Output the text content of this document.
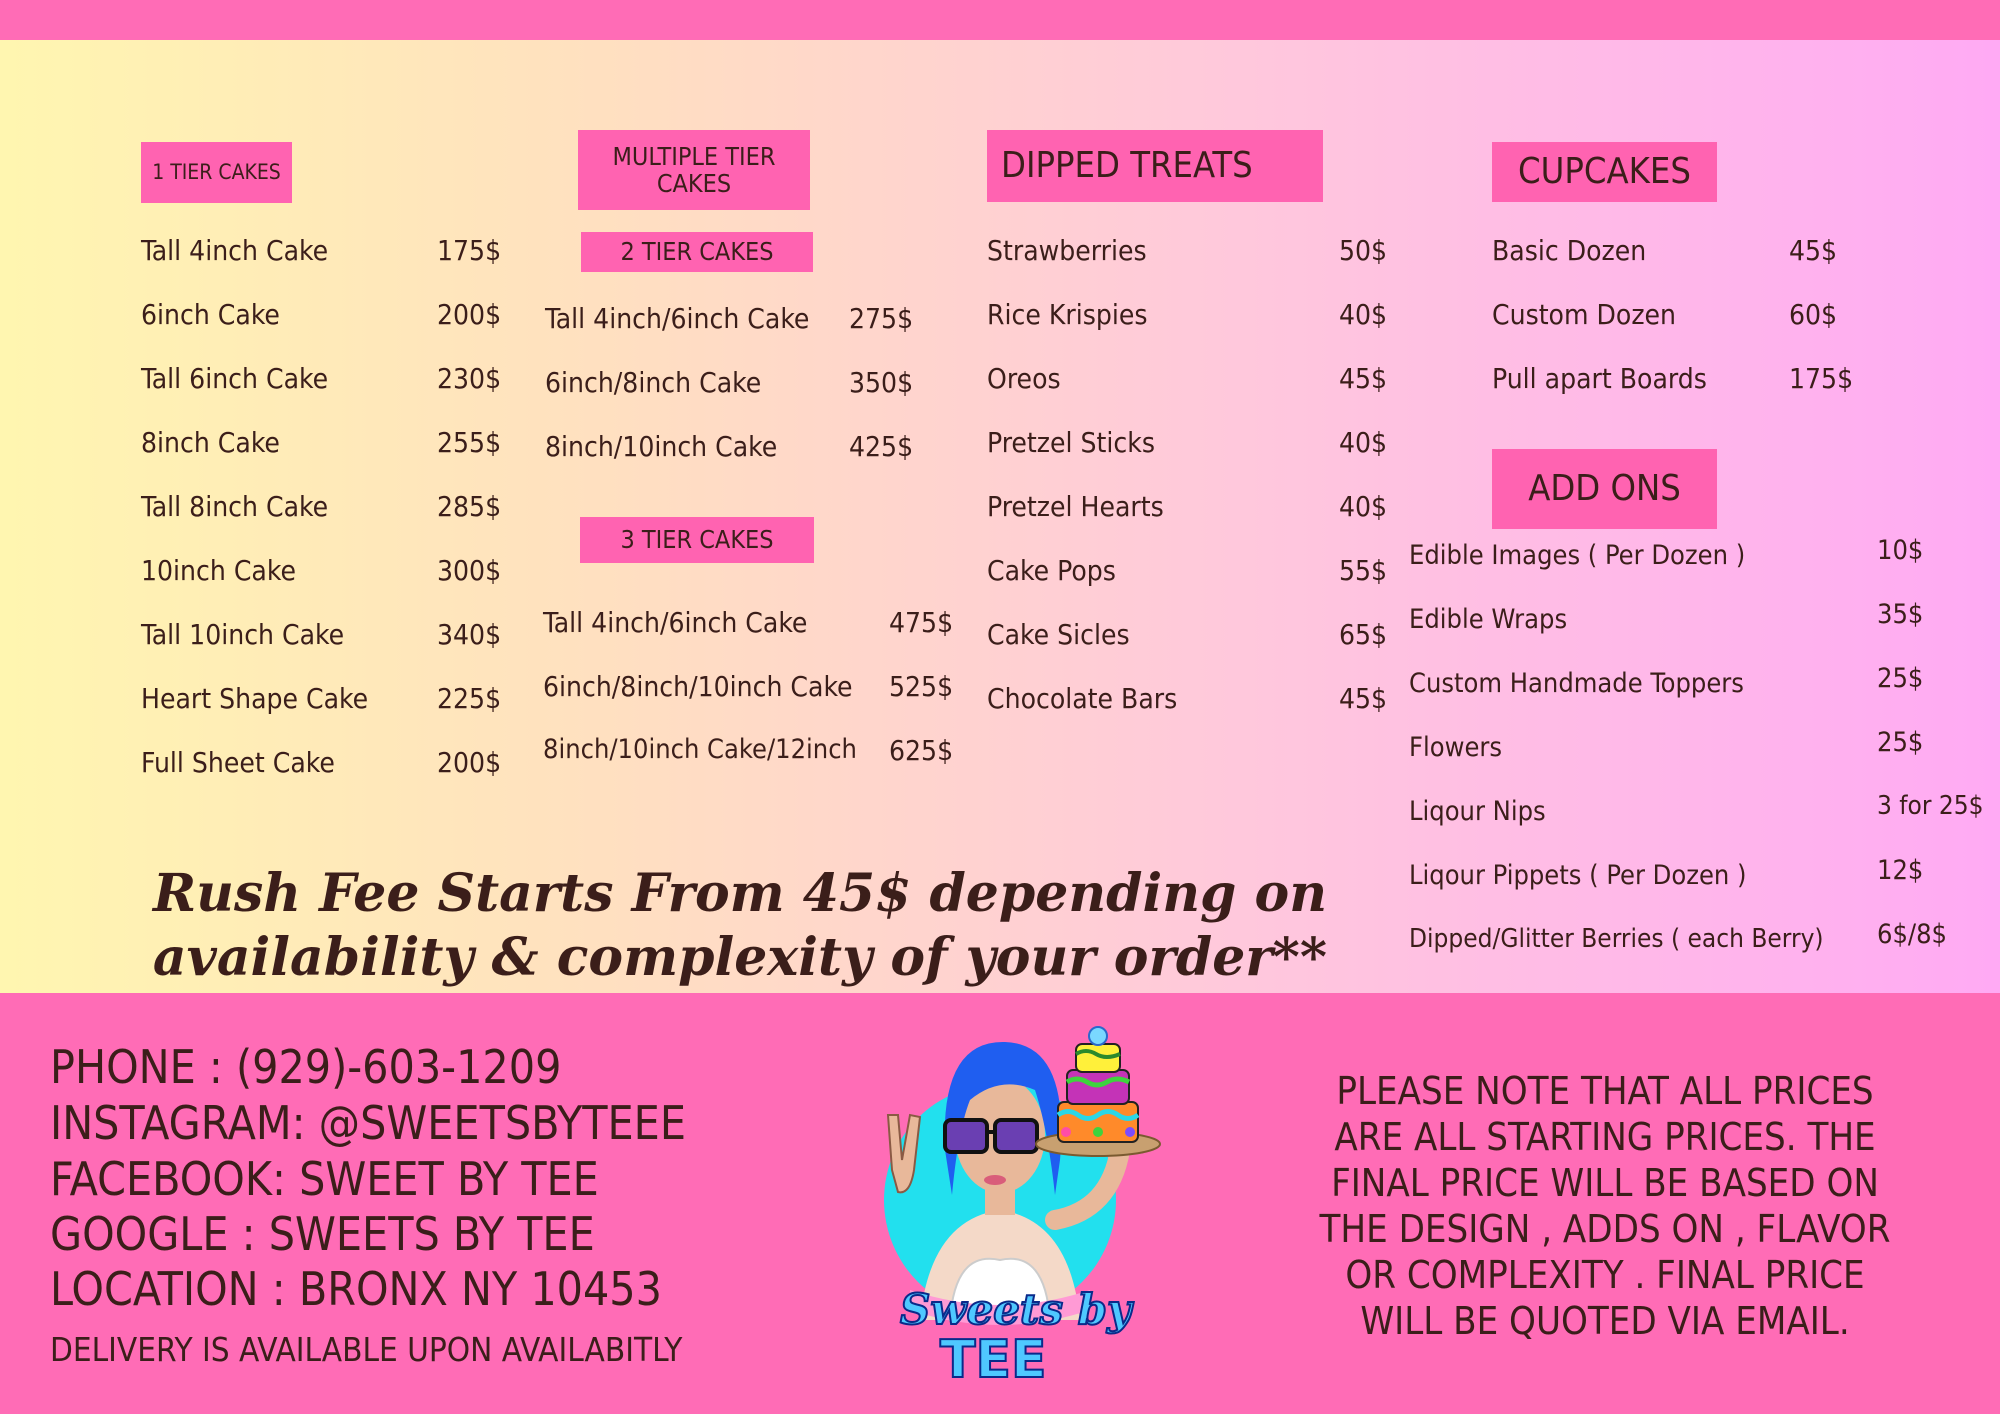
1 TIER CAKES
Tall 4inch Cake	175$
6inch Cake	200$
Tall 6inch Cake	230$
8inch Cake	255$
Tall 8inch Cake	285$
10inch Cake	300$
Tall 10inch Cake	340$
Heart Shape Cake 225$
Full Sheet Cake	200$
MULTIPLE TIER
CAKES
2 TIER CAKES
Tall 4inch/6inch Cake 275$
6inch/8inch Cake	350$
8inch/10inch Cake	425$
3 TIER CAKES
Tall 4inch/6inch Cake	475$
6inch/8inch/10inch Cake 525$
8inch/10inch Cake/12inch 625$
DIPPED TREATS
Strawberries	50$
Rice Krispies	40$
Oreos	45$
Pretzel Sticks	40$
Pretzel Hearts	40$
Cake Pops	55$
Cake Sicles	65$
Chocolate Bars	45$
CUPCAKES
Basic Dozen	45$
Custom Dozen	60$
Pull apart Boards	175$
ADD ONS
Edible Images ( Per Dozen )	10$
Edible Wraps	35$
Custom Handmade Toppers	25$
Flowers	25$
Liqour Nips	3 for 25$
Liqour Pippets ( Per Dozen )	12$
Dipped/Glitter Berries ( each Berry) 6$/8$
Rush Fee Starts From 45$ depending on
availability & complexity of your order**
PHONE : (929)-603-1209
INSTAGRAM: @SWEETSBYTEEE
FACEBOOK: SWEET BY TEE
GOOGLE : SWEETS BY TEE
LOCATION : BRONX NY 10453
DELIVERY IS AVAILABLE UPON AVAILABITLY
Sweets by
TEE
PLEASE NOTE THAT ALL PRICES
ARE ALL STARTING PRICES. THE
FINAL PRICE WILL BE BASED ON
THE DESIGN , ADDS ON , FLAVOR
OR COMPLEXITY . FINAL PRICE
WILL BE QUOTED VIA EMAIL.
